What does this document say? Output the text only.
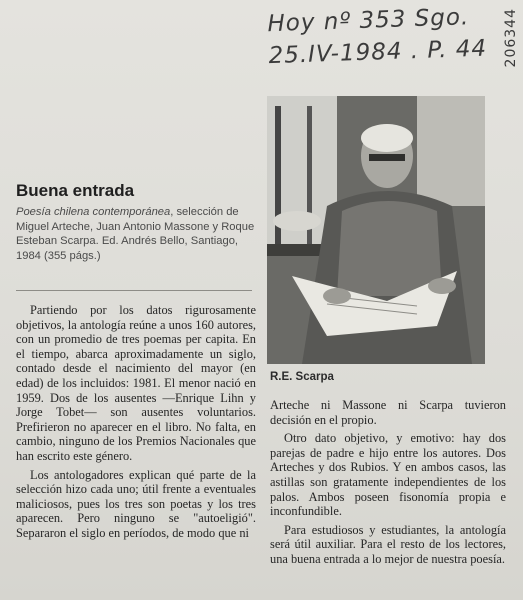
Hoy nº 353 Sgo.
25.IV-1984 . P. 44	206344
Buena entrada
Poesía chilena contemporánea, selección de Miguel Arteche, Juan Antonio Massone y Roque Esteban Scarpa. Ed. Andrés Bello, Santiago, 1984 (355 págs.)

Partiendo por los datos rigurosamente objetivos, la antología reúne a unos 160 autores, con un promedio de tres poemas per capita. En el tiempo, abarca aproximadamente un siglo, contado desde el nacimiento del mayor (en edad) de los incluidos: 1981. El menor nació en 1959. Dos de los ausentes —Enrique Lihn y Jorge Tobet— son ausentes voluntarios. Prefirieron no aparecer en el libro. No falta, en cambio, ninguno de los Premios Nacionales que han escrito este género.

Los antologadores explican qué parte de la selección hizo cada uno; útil frente a eventuales maliciosos, pues los tres son poetas y los tres aparecen. Pero ninguno se "autoeligió". Separaron el siglo en períodos, de modo que ni

R.E. Scarpa

Arteche ni Massone ni Scarpa tuvieron decisión en el propio.

Otro dato objetivo, y emotivo: hay dos parejas de padre e hijo entre los autores. Dos Arteches y dos Rubios. Y en ambos casos, las astillas son gratamente independientes de los palos. Ambos poseen fisonomía propia e inconfundible.

Para estudiosos y estudiantes, la antología será útil auxiliar. Para el resto de los lectores, una buena entrada a lo mejor de nuestra poesía.
